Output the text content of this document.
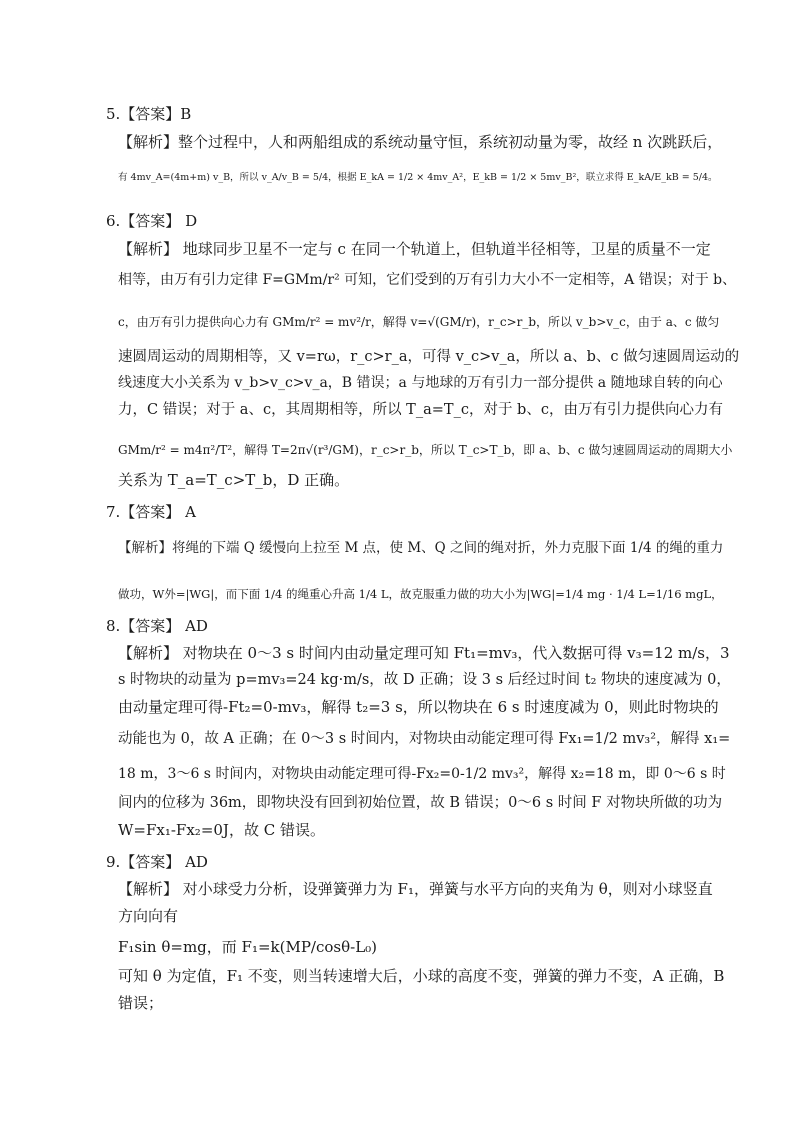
5.【答案】B
【解析】整个过程中，人和两船组成的系统动量守恒，系统初动量为零，故经 n 次跳跃后，
有 4mv_A=(4m+m) v_B，所以 v_A/v_B = 5/4，根据 E_kA = 1/2 × 4mv_A²，E_kB = 1/2 × 5mv_B²，联立求得 E_kA/E_kB = 5/4。
6.【答案】 D
【解析】 地球同步卫星不一定与 c 在同一个轨道上，但轨道半径相等，卫星的质量不一定
相等，由万有引力定律 F=GMm/r² 可知，它们受到的万有引力大小不一定相等，A 错误；对于 b、
c，由万有引力提供向心力有 GMm/r² = mv²/r，解得 v=√(GM/r)，r_c>r_b，所以 v_b>v_c，由于 a、c 做匀
速圆周运动的周期相等，又 v=rω，r_c>r_a，可得 v_c>v_a，所以 a、b、c 做匀速圆周运动的
线速度大小关系为 v_b>v_c>v_a，B 错误；a 与地球的万有引力一部分提供 a 随地球自转的向心
力，C 错误；对于 a、c，其周期相等，所以 T_a=T_c，对于 b、c，由万有引力提供向心力有
GMm/r² = m4π²/T²，解得 T=2π√(r³/GM)，r_c>r_b，所以 T_c>T_b，即 a、b、c 做匀速圆周运动的周期大小
关系为 T_a=T_c>T_b，D 正确。
7.【答案】 A
【解析】将绳的下端 Q 缓慢向上拉至 M 点，使 M、Q 之间的绳对折，外力克服下面 1/4 的绳的重力
做功，W外=|WG|，而下面 1/4 的绳重心升高 1/4 L，故克服重力做的功大小为|WG|=1/4 mg · 1/4 L=1/16 mgL，
8.【答案】 AD
【解析】 对物块在 0～3 s 时间内由动量定理可知 Ft₁=mv₃，代入数据可得 v₃=12 m/s，3
s 时物块的动量为 p=mv₃=24 kg·m/s，故 D 正确；设 3 s 后经过时间 t₂ 物块的速度减为 0，
由动量定理可得-Ft₂=0-mv₃，解得 t₂=3 s，所以物块在 6 s 时速度减为 0，则此时物块的
动能也为 0，故 A 正确；在 0～3 s 时间内，对物块由动能定理可得 Fx₁=1/2 mv₃²，解得 x₁=
18 m，3～6 s 时间内，对物块由动能定理可得-Fx₂=0-1/2 mv₃²，解得 x₂=18 m，即 0～6 s 时
间内的位移为 36m，即物块没有回到初始位置，故 B 错误；0～6 s 时间 F 对物块所做的功为
W=Fx₁-Fx₂=0J，故 C 错误。
9.【答案】 AD
【解析】 对小球受力分析，设弹簧弹力为 F₁，弹簧与水平方向的夹角为 θ，则对小球竖直
方向向有
F₁sin θ=mg，而 F₁=k(MP/cosθ-L₀)
可知 θ 为定值，F₁ 不变，则当转速增大后，小球的高度不变，弹簧的弹力不变，A 正确，B
错误；
